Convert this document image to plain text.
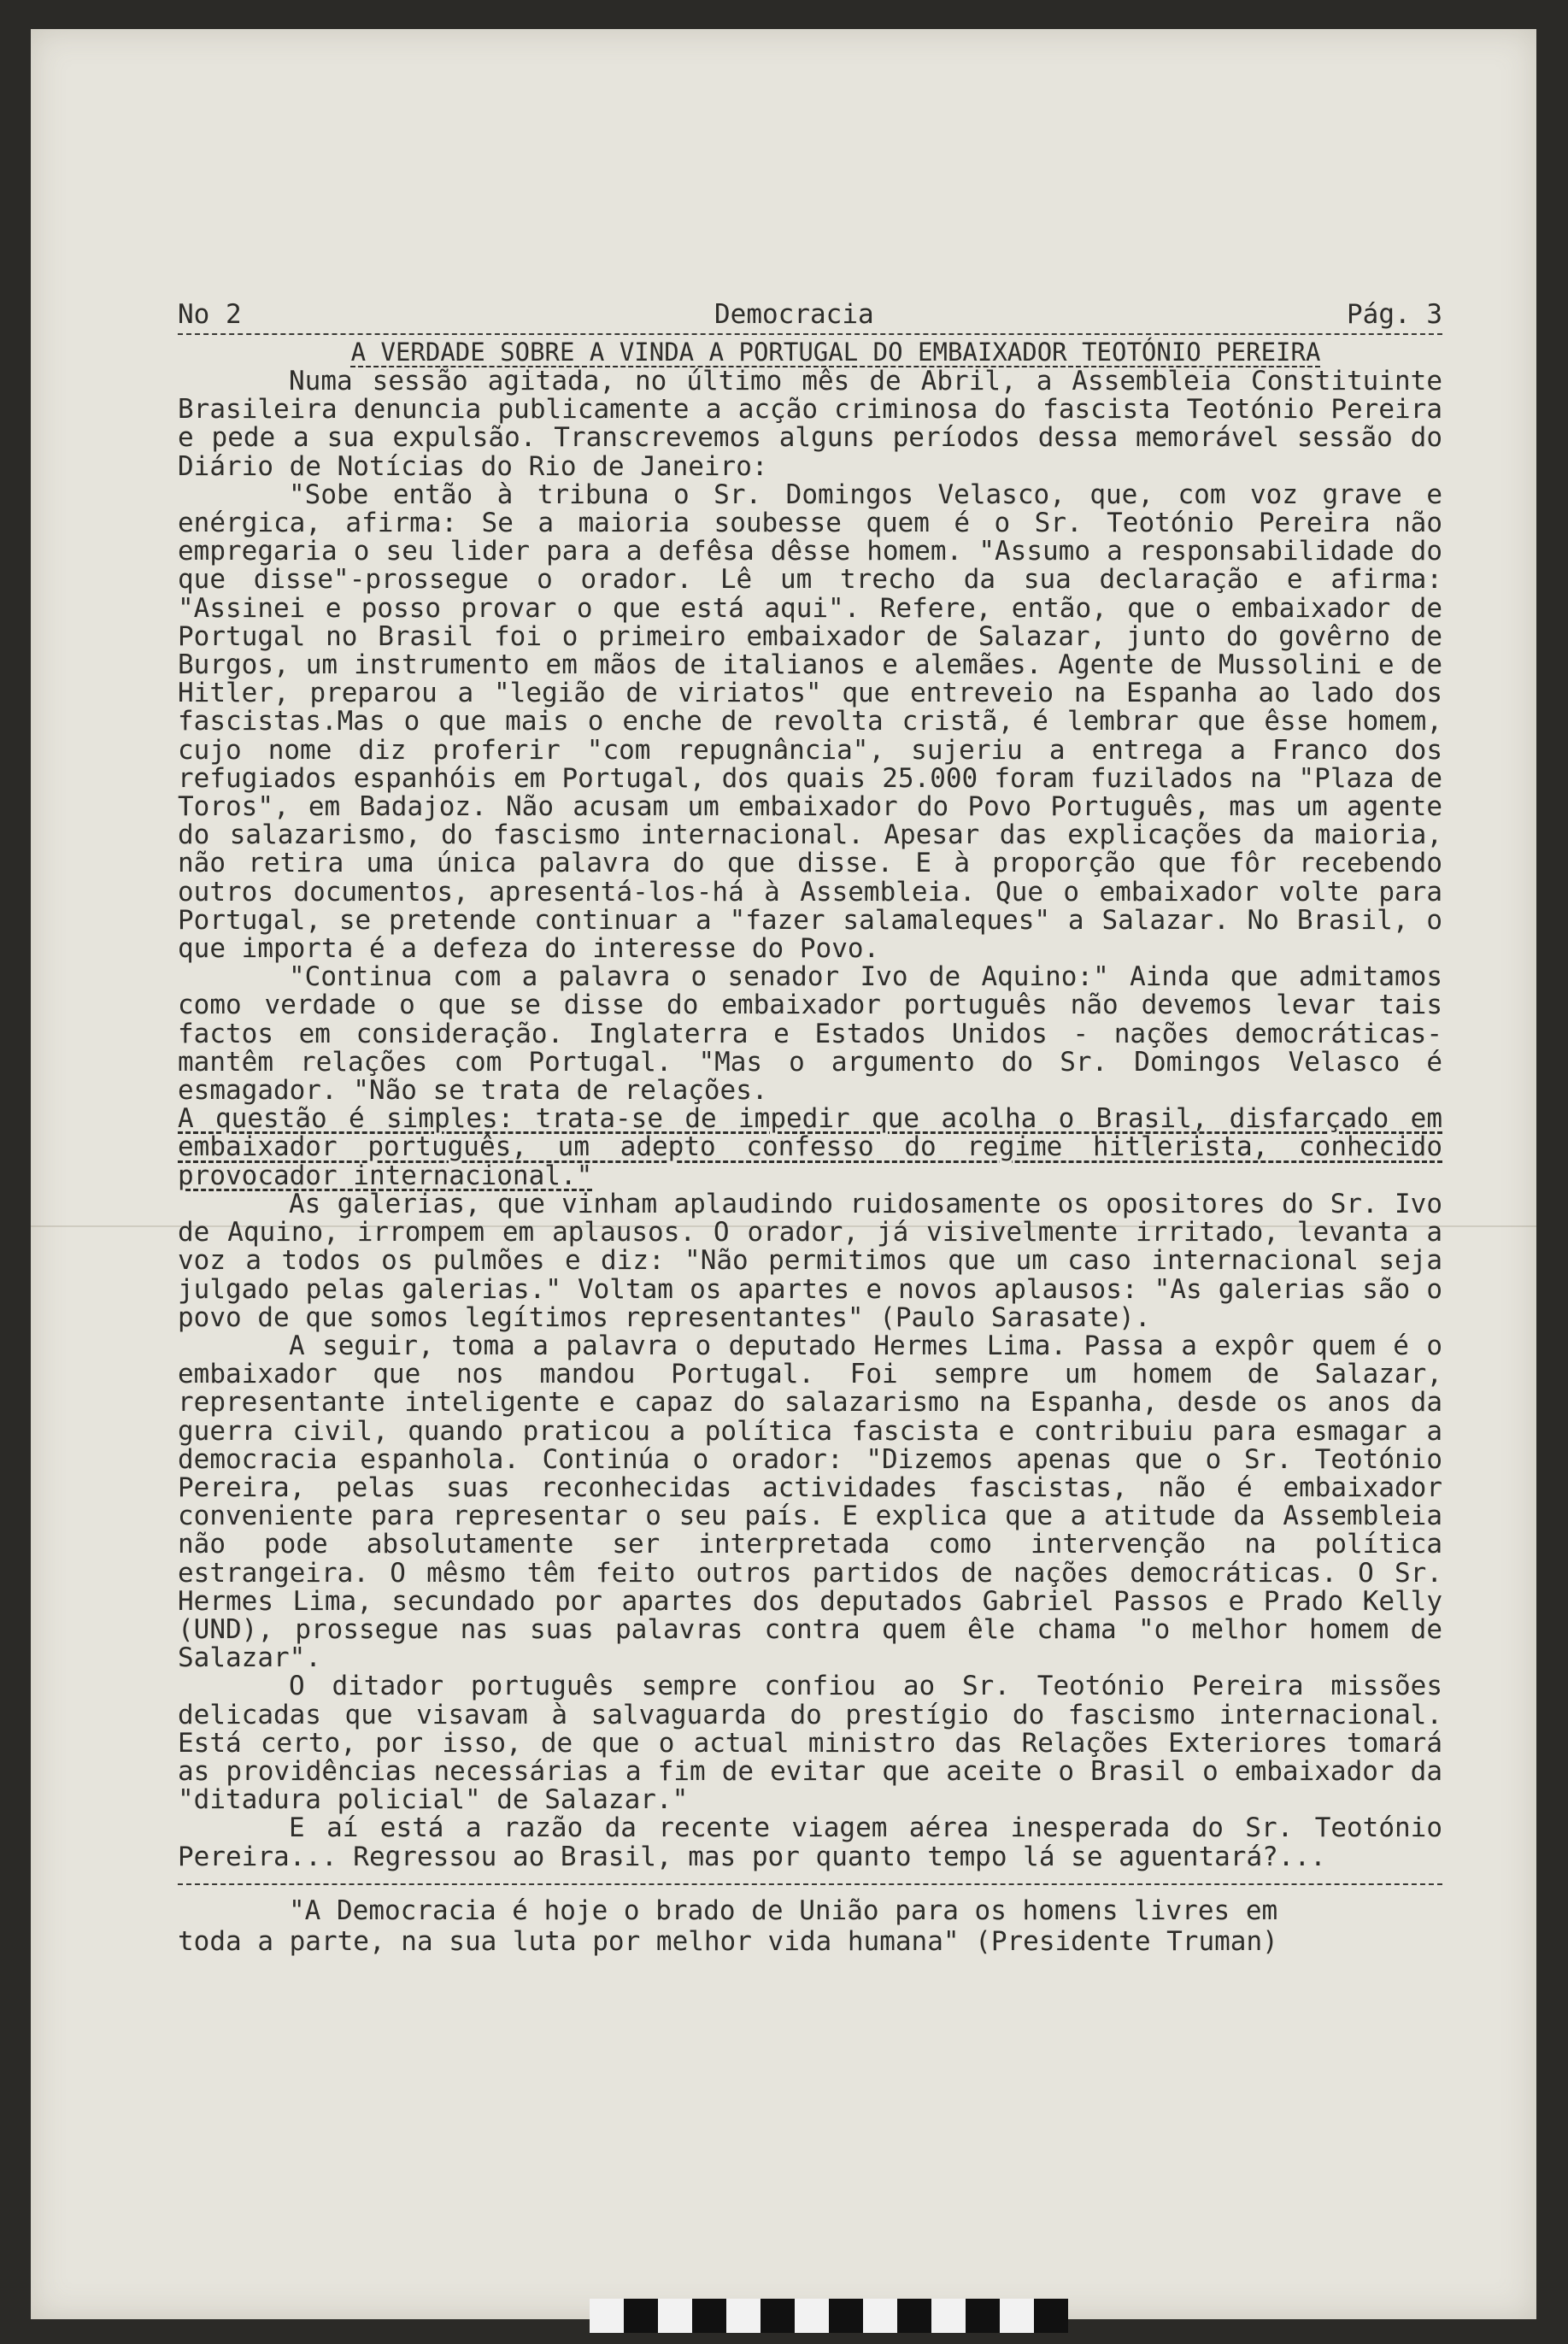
No 2	Democracia	Pág. 3
A VERDADE SOBRE A VINDA A PORTUGAL DO EMBAIXADOR TEOTÓNIO PEREIRA

Numa sessão agitada, no último mês de Abril, a Assembleia Constituinte Brasileira denuncia publicamente a acção criminosa do fascista Teotónio Pereira e pede a sua expulsão. Transcrevemos alguns períodos dessa memorável sessão do Diário de Notícias do Rio de Janeiro:

"Sobe então à tribuna o Sr. Domingos Velasco, que, com voz grave e enérgica, afirma: Se a maioria soubesse quem é o Sr. Teotónio Pereira não empregaria o seu lider para a defêsa dêsse homem. "Assumo a responsabilidade do que disse"-prossegue o orador. Lê um trecho da sua declaração e afirma: "Assinei e posso provar o que está aqui". Refere, então, que o embaixador de Portugal no Brasil foi o primeiro embaixador de Salazar, junto do govêrno de Burgos, um instrumento em mãos de italianos e alemães. Agente de Mussolini e de Hitler, preparou a "legião de viriatos" que entreveio na Espanha ao lado dos fascistas.Mas o que mais o enche de revolta cristã, é lembrar que êsse homem, cujo nome diz proferir "com repugnância", sujeriu a entrega a Franco dos refugiados espanhóis em Portugal, dos quais 25.000 foram fuzilados na "Plaza de Toros", em Badajoz. Não acusam um embaixador do Povo Português, mas um agente do salazarismo, do fascismo internacional. Apesar das explicações da maioria, não retira uma única palavra do que disse. E à proporção que fôr recebendo outros documentos, apresentá-los-há à Assembleia. Que o embaixador volte para Portugal, se pretende continuar a "fazer salamaleques" a Salazar. No Brasil, o que importa é a defeza do interesse do Povo.

"Continua com a palavra o senador Ivo de Aquino:" Ainda que admitamos como verdade o que se disse do embaixador português não devemos levar tais factos em consideração. Inglaterra e Estados Unidos - nações democráticas- mantêm relações com Portugal. "Mas o argumento do Sr. Domingos Velasco é esmagador. "Não se trata de relações.

A questão é simples: trata-se de impedir que acolha o Brasil, disfarçado em embaixador português, um adepto confesso do regime hitlerista, conhecido provocador internacional."

As galerias, que vinham aplaudindo ruidosamente os opositores do Sr. Ivo de Aquino, irrompem em aplausos. O orador, já visivelmente irritado, levanta a voz a todos os pulmões e diz: "Não permitimos que um caso internacional seja julgado pelas galerias." Voltam os apartes e novos aplausos: "As galerias são o povo de que somos legítimos representantes" (Paulo Sarasate).

A seguir, toma a palavra o deputado Hermes Lima. Passa a expôr quem é o embaixador que nos mandou Portugal. Foi sempre um homem de Salazar, representante inteligente e capaz do salazarismo na Espanha, desde os anos da guerra civil, quando praticou a política fascista e contribuiu para esmagar a democracia espanhola. Continúa o orador: "Dizemos apenas que o Sr. Teotónio Pereira, pelas suas reconhecidas actividades fascistas, não é embaixador conveniente para representar o seu país. E explica que a atitude da Assembleia não pode absolutamente ser interpretada como intervenção na política estrangeira. O mêsmo têm feito outros partidos de nações democráticas. O Sr. Hermes Lima, secundado por apartes dos deputados Gabriel Passos e Prado Kelly (UND), prossegue nas suas palavras contra quem êle chama "o melhor homem de Salazar".

O ditador português sempre confiou ao Sr. Teotónio Pereira missões delicadas que visavam à salvaguarda do prestígio do fascismo internacional. Está certo, por isso, de que o actual ministro das Relações Exteriores tomará as providências necessárias a fim de evitar que aceite o Brasil o embaixador da "ditadura policial" de Salazar."

E aí está a razão da recente viagem aérea inesperada do Sr. Teotónio Pereira... Regressou ao Brasil, mas por quanto tempo lá se aguentará?...

"A Democracia é hoje o brado de União para os homens livres em
toda a parte, na sua luta por melhor vida humana" (Presidente Truman)
